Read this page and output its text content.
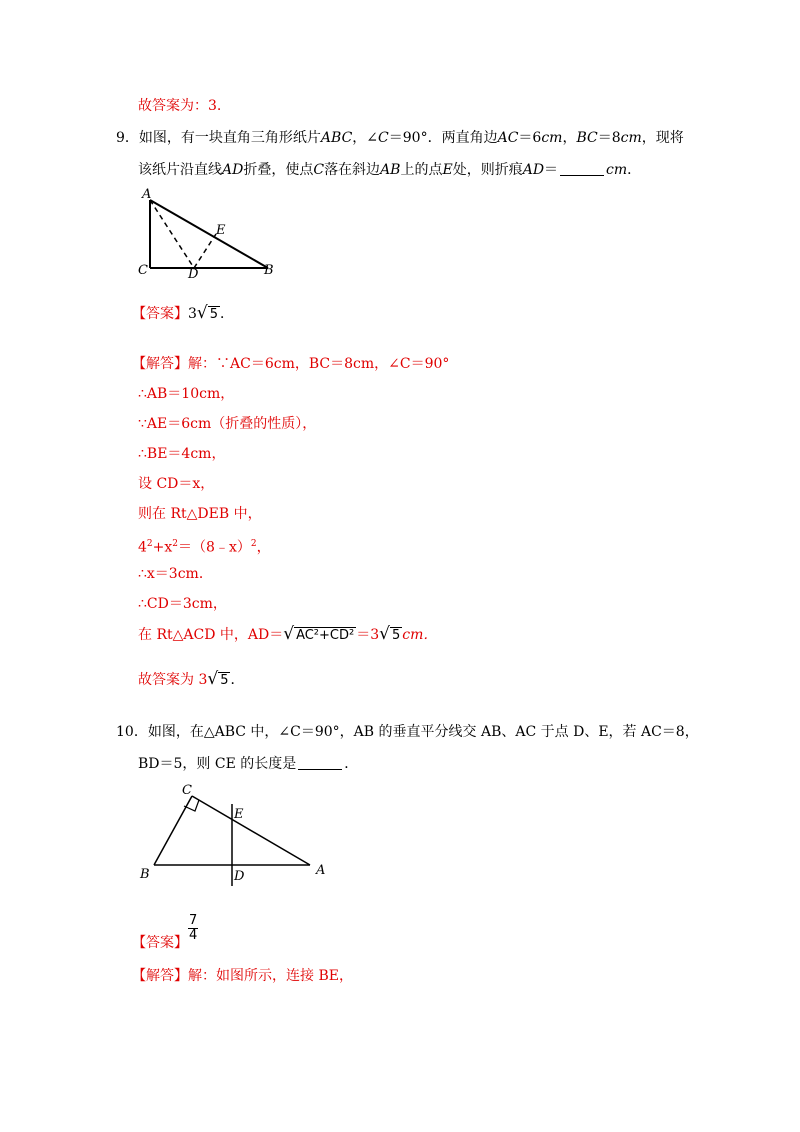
故答案为：3.
9．如图，有一块直角三角形纸片ABC，∠C＝90°．两直角边AC＝6cm，BC＝8cm，现将
该纸片沿直线AD折叠，使点C落在斜边AB上的点E处，则折痕AD＝	cm．
A
C	D
E
B
【答案】3√ 5 ．
【解答】解：∵AC＝6cm，BC＝8cm，∠C＝90°
∴AB＝10cm，
∵AE＝6cm（折叠的性质），
∴BE＝4cm，
设 CD＝x，
则在 Rt△DEB 中，
$4^2+x^2=(8﹣x)^2$，
∴x＝3cm．
∴CD＝3cm，
在 Rt△ACD 中，AD＝√ AC²+CD² ＝3√ 5 cm．
故答案为 3√ 5 ．
10．如图，在△ABC 中，∠C＝90°，AB 的垂直平分线交 AB、AC 于点 D、E，若 AC＝8，
BD＝5，则 CE 的长度是	．
C
E
B	D	A
【答案】 $\frac{7}{4}$
【解答】解：如图所示，连接 BE，
